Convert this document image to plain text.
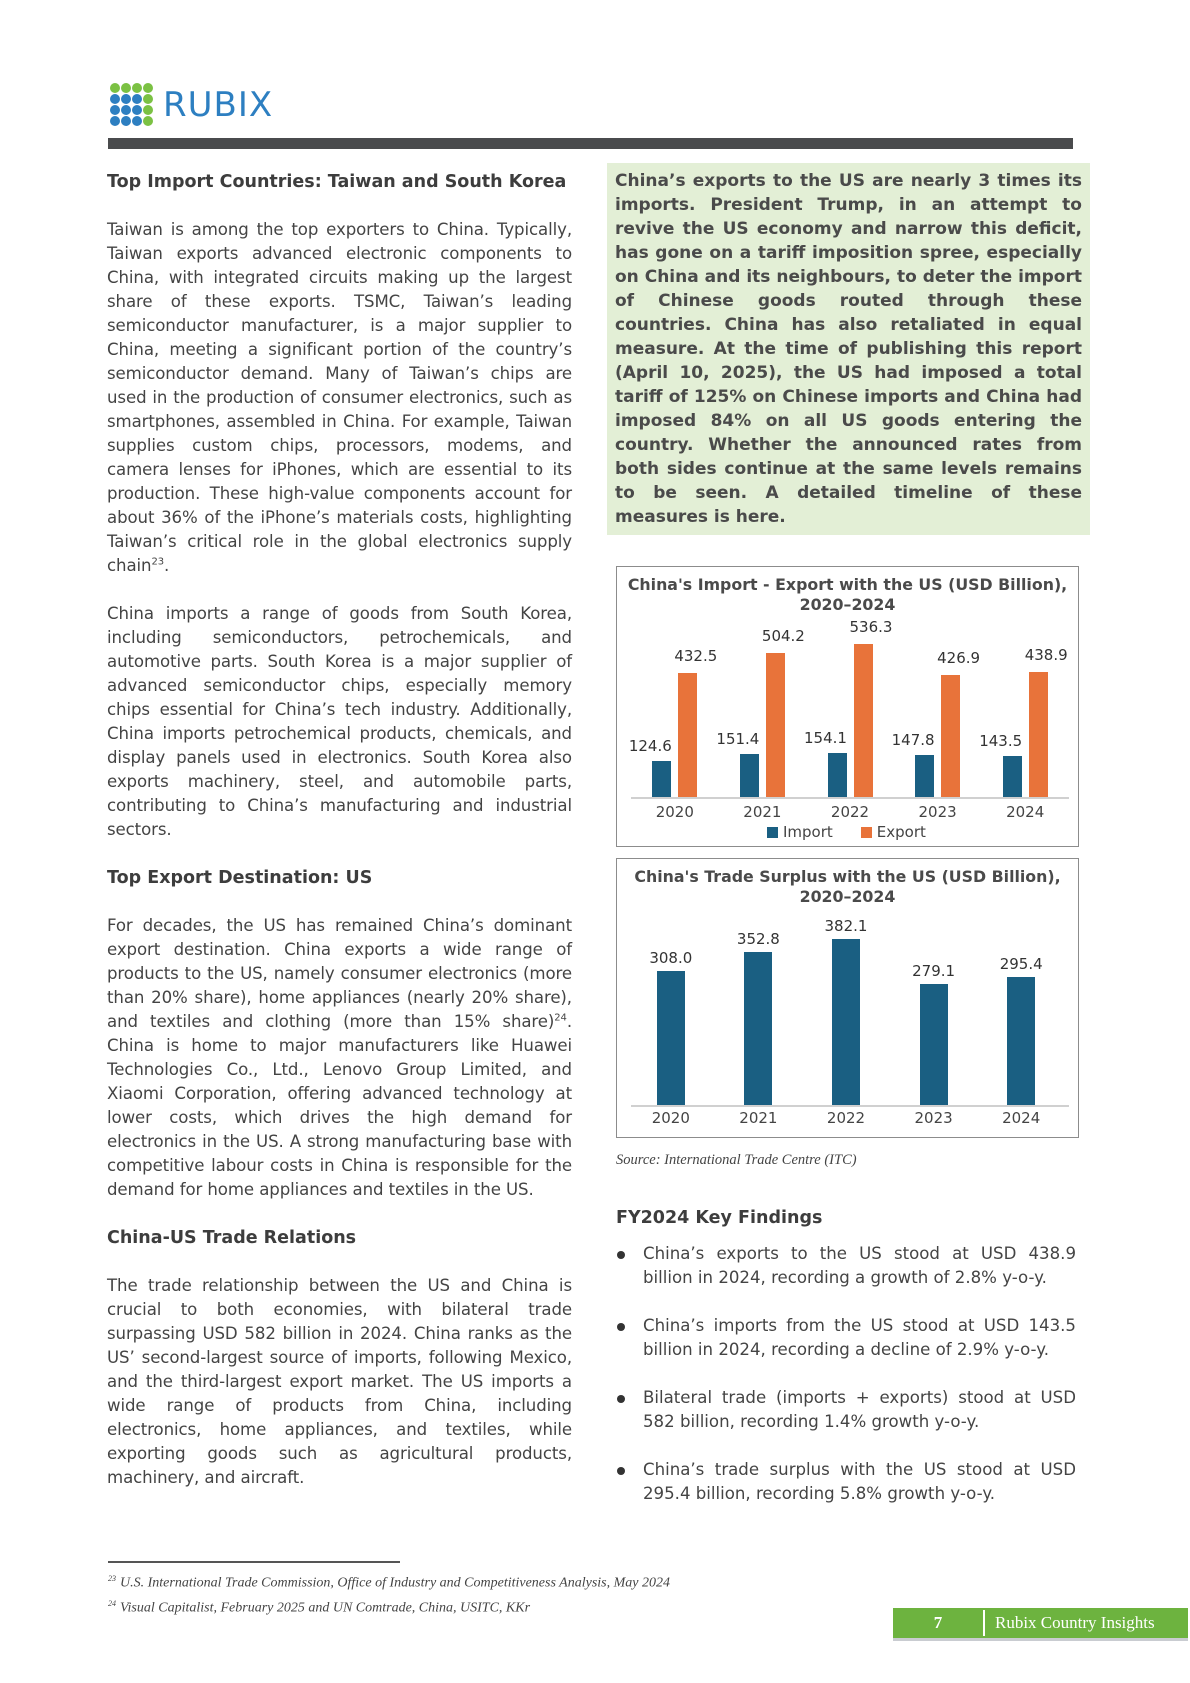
RUBIX
Top Import Countries: Taiwan and South Korea

Taiwan is among the top exporters to China. Typically, Taiwan exports advanced electronic components to China, with integrated circuits making up the largest share of these exports. TSMC, Taiwan’s leading semiconductor manufacturer, is a major supplier to China, meeting a significant portion of the country’s semiconductor demand. Many of Taiwan’s chips are used in the production of consumer electronics, such as smartphones, assembled in China. For example, Taiwan supplies custom chips, processors, modems, and camera lenses for iPhones, which are essential to its production. These high-value components account for about 36% of the iPhone’s materials costs, highlighting Taiwan’s critical role in the global electronics supply chain$^{23}$.

China imports a range of goods from South Korea, including semiconductors, petrochemicals, and automotive parts. South Korea is a major supplier of advanced semiconductor chips, especially memory chips essential for China’s tech industry. Additionally, China imports petrochemical products, chemicals, and display panels used in electronics. South Korea also exports machinery, steel, and automobile parts, contributing to China’s manufacturing and industrial sectors.

Top Export Destination: US

For decades, the US has remained China’s dominant export destination. China exports a wide range of products to the US, namely consumer electronics (more than 20% share), home appliances (nearly 20% share), and textiles and clothing (more than 15% share)$^{24}$. China is home to major manufacturers like Huawei Technologies Co., Ltd., Lenovo Group Limited, and Xiaomi Corporation, offering advanced technology at lower costs, which drives the high demand for electronics in the US. A strong manufacturing base with competitive labour costs in China is responsible for the demand for home appliances and textiles in the US.

China-US Trade Relations

The trade relationship between the US and China is crucial to both economies, with bilateral trade surpassing USD 582 billion in 2024. China ranks as the US’ second-largest source of imports, following Mexico, and the third-largest export market. The US imports a wide range of products from China, including electronics, home appliances, and textiles, while exporting goods such as agricultural products, machinery, and aircraft.

China’s exports to the US are nearly 3 times its imports. President Trump, in an attempt to revive the US economy and narrow this deficit, has gone on a tariff imposition spree, especially on China and its neighbours, to deter the import of Chinese goods routed through these countries. China has also retaliated in equal measure. At the time of publishing this report (April 10, 2025), the US had imposed a total tariff of 125% on Chinese imports and China had imposed 84% on all US goods entering the country. Whether the announced rates from both sides continue at the same levels remains to be seen. A detailed timeline of these measures is here.
China's Import - Export with the US (USD Billion),
2020–2024
124.6
432.5
2020
151.4
504.2
2021
154.1
536.3
2022
147.8
426.9
2023
143.5
438.9
2024
Import	Export
China's Trade Surplus with the US (USD Billion),
2020–2024
308.0
2020
352.8
2021
382.1
2022
279.1
2023
295.4
2024
Source: International Trade Centre (ITC)
FY2024 Key Findings
China’s exports to the US stood at USD 438.9 billion in 2024, recording a growth of 2.8% y-o-y.
China’s imports from the US stood at USD 143.5 billion in 2024, recording a decline of 2.9% y-o-y.
Bilateral trade (imports + exports) stood at USD 582 billion, recording 1.4% growth y-o-y.
China’s trade surplus with the US stood at USD 295.4 billion, recording 5.8% growth y-o-y.
$^{23}$ U.S. International Trade Commission, Office of Industry and Competitiveness Analysis, May 2024
$^{24}$ Visual Capitalist, February 2025 and UN Comtrade, China, USITC, KKr
7	Rubix Country Insights
